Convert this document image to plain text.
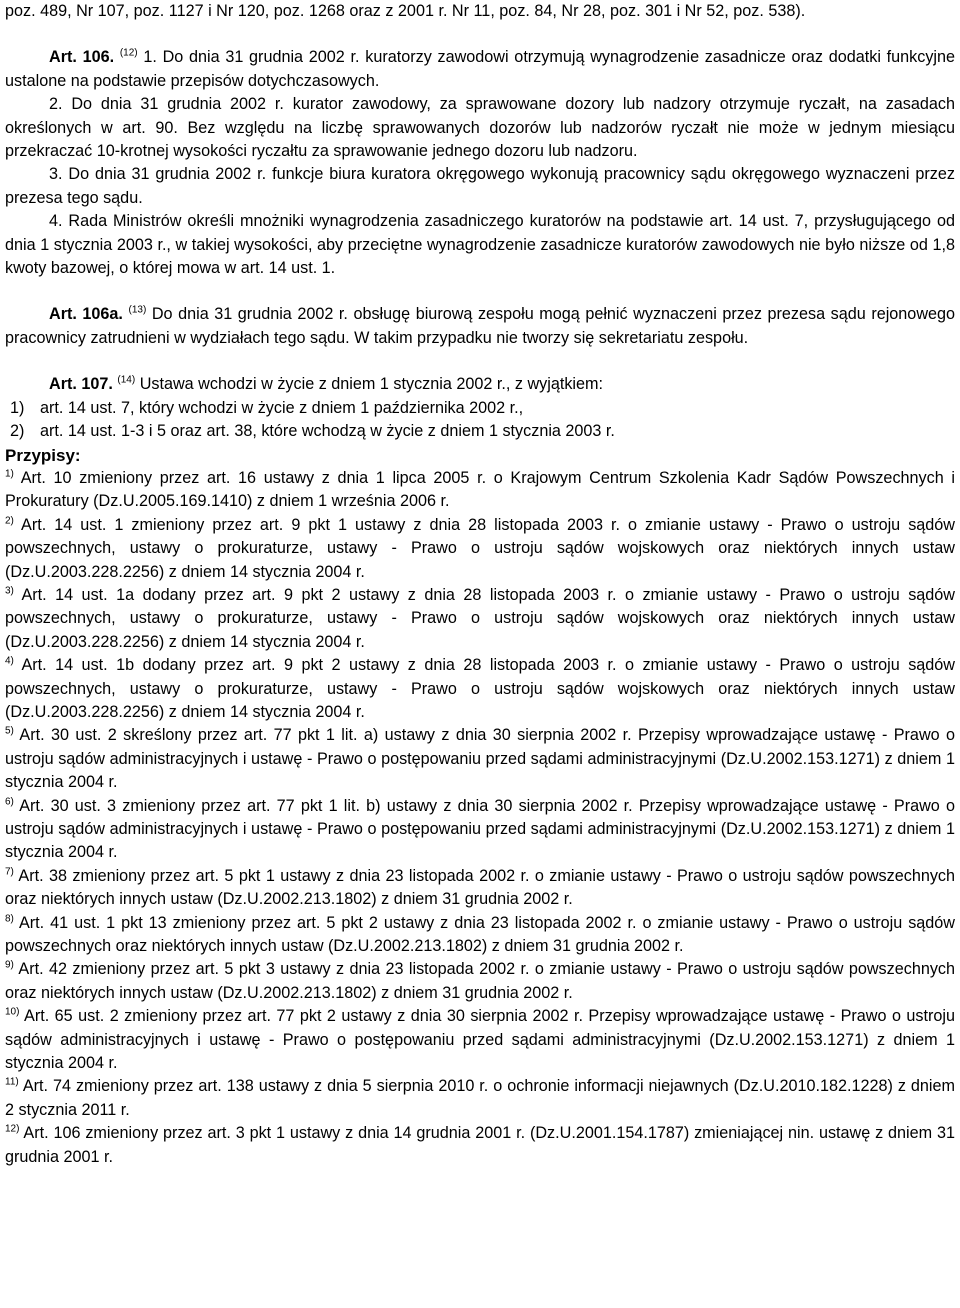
poz. 489, Nr 107, poz. 1127 i Nr 120, poz. 1268 oraz z 2001 r. Nr 11, poz. 84, Nr 28, poz. 301 i Nr 52, poz. 538).

Art. 106. $^{(12)}$ 1. Do dnia 31 grudnia 2002 r. kuratorzy zawodowi otrzymują wynagrodzenie zasadnicze oraz dodatki funkcyjne ustalone na podstawie przepisów dotychczasowych.

2. Do dnia 31 grudnia 2002 r. kurator zawodowy, za sprawowane dozory lub nadzory otrzymuje ryczałt, na zasadach określonych w art. 90. Bez względu na liczbę sprawowanych dozorów lub nadzorów ryczałt nie może w jednym miesiącu przekraczać 10-krotnej wysokości ryczałtu za sprawowanie jednego dozoru lub nadzoru.

3. Do dnia 31 grudnia 2002 r. funkcje biura kuratora okręgowego wykonują pracownicy sądu okręgowego wyznaczeni przez prezesa tego sądu.

4. Rada Ministrów określi mnożniki wynagrodzenia zasadniczego kuratorów na podstawie art. 14 ust. 7, przysługującego od dnia 1 stycznia 2003 r., w takiej wysokości, aby przeciętne wynagrodzenie zasadnicze kuratorów zawodowych nie było niższe od 1,8 kwoty bazowej, o której mowa w art. 14 ust. 1.

Art. 106a. $^{(13)}$ Do dnia 31 grudnia 2002 r. obsługę biurową zespołu mogą pełnić wyznaczeni przez prezesa sądu rejonowego pracownicy zatrudnieni w wydziałach tego sądu. W takim przypadku nie tworzy się sekretariatu zespołu.

Art. 107. $^{(14)}$ Ustawa wchodzi w życie z dniem 1 stycznia 2002 r., z wyjątkiem:

1) art. 14 ust. 7, który wchodzi w życie z dniem 1 października 2002 r.,

2) art. 14 ust. 1-3 i 5 oraz art. 38, które wchodzą w życie z dniem 1 stycznia 2003 r.

Przypisy:

$^{1)}$ Art. 10 zmieniony przez art. 16 ustawy z dnia 1 lipca 2005 r. o Krajowym Centrum Szkolenia Kadr Sądów Powszechnych i Prokuratury (Dz.U.2005.169.1410) z dniem 1 września 2006 r.

$^{2)}$ Art. 14 ust. 1 zmieniony przez art. 9 pkt 1 ustawy z dnia 28 listopada 2003 r. o zmianie ustawy - Prawo o ustroju sądów powszechnych, ustawy o prokuraturze, ustawy - Prawo o ustroju sądów wojskowych oraz niektórych innych ustaw (Dz.U.2003.228.2256) z dniem 14 stycznia 2004 r.

$^{3)}$ Art. 14 ust. 1a dodany przez art. 9 pkt 2 ustawy z dnia 28 listopada 2003 r. o zmianie ustawy - Prawo o ustroju sądów powszechnych, ustawy o prokuraturze, ustawy - Prawo o ustroju sądów wojskowych oraz niektórych innych ustaw (Dz.U.2003.228.2256) z dniem 14 stycznia 2004 r.

$^{4)}$ Art. 14 ust. 1b dodany przez art. 9 pkt 2 ustawy z dnia 28 listopada 2003 r. o zmianie ustawy - Prawo o ustroju sądów powszechnych, ustawy o prokuraturze, ustawy - Prawo o ustroju sądów wojskowych oraz niektórych innych ustaw (Dz.U.2003.228.2256) z dniem 14 stycznia 2004 r.

$^{5)}$ Art. 30 ust. 2 skreślony przez art. 77 pkt 1 lit. a) ustawy z dnia 30 sierpnia 2002 r. Przepisy wprowadzające ustawę - Prawo o ustroju sądów administracyjnych i ustawę - Prawo o postępowaniu przed sądami administracyjnymi (Dz.U.2002.153.1271) z dniem 1 stycznia 2004 r.

$^{6)}$ Art. 30 ust. 3 zmieniony przez art. 77 pkt 1 lit. b) ustawy z dnia 30 sierpnia 2002 r. Przepisy wprowadzające ustawę - Prawo o ustroju sądów administracyjnych i ustawę - Prawo o postępowaniu przed sądami administracyjnymi (Dz.U.2002.153.1271) z dniem 1 stycznia 2004 r.

$^{7)}$ Art. 38 zmieniony przez art. 5 pkt 1 ustawy z dnia 23 listopada 2002 r. o zmianie ustawy - Prawo o ustroju sądów powszechnych oraz niektórych innych ustaw (Dz.U.2002.213.1802) z dniem 31 grudnia 2002 r.

$^{8)}$ Art. 41 ust. 1 pkt 13 zmieniony przez art. 5 pkt 2 ustawy z dnia 23 listopada 2002 r. o zmianie ustawy - Prawo o ustroju sądów powszechnych oraz niektórych innych ustaw (Dz.U.2002.213.1802) z dniem 31 grudnia 2002 r.

$^{9)}$ Art. 42 zmieniony przez art. 5 pkt 3 ustawy z dnia 23 listopada 2002 r. o zmianie ustawy - Prawo o ustroju sądów powszechnych oraz niektórych innych ustaw (Dz.U.2002.213.1802) z dniem 31 grudnia 2002 r.

$^{10)}$ Art. 65 ust. 2 zmieniony przez art. 77 pkt 2 ustawy z dnia 30 sierpnia 2002 r. Przepisy wprowadzające ustawę - Prawo o ustroju sądów administracyjnych i ustawę - Prawo o postępowaniu przed sądami administracyjnymi (Dz.U.2002.153.1271) z dniem 1 stycznia 2004 r.

$^{11)}$ Art. 74 zmieniony przez art. 138 ustawy z dnia 5 sierpnia 2010 r. o ochronie informacji niejawnych (Dz.U.2010.182.1228) z dniem 2 stycznia 2011 r.

$^{12)}$ Art. 106 zmieniony przez art. 3 pkt 1 ustawy z dnia 14 grudnia 2001 r. (Dz.U.2001.154.1787) zmieniającej nin. ustawę z dniem 31 grudnia 2001 r.
